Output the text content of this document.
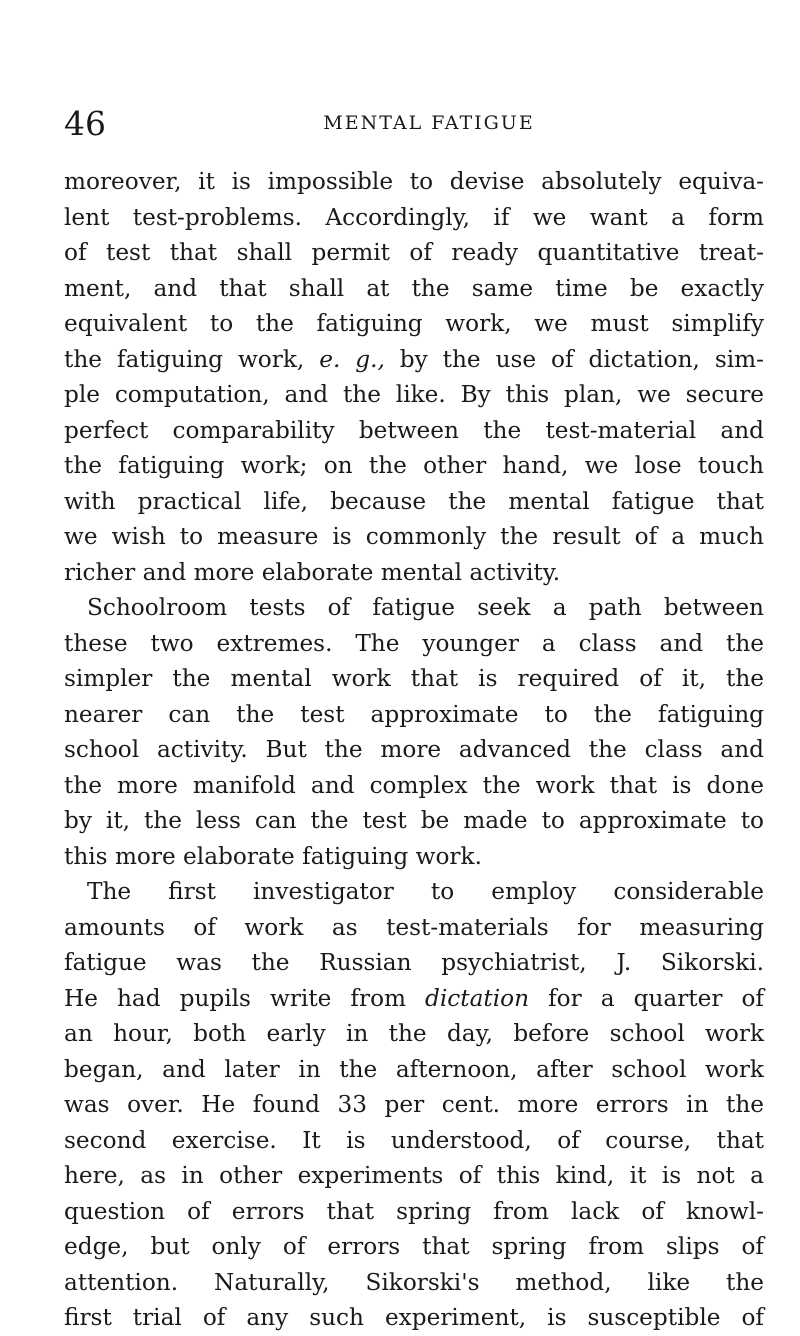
46	MENTAL FATIGUE
moreover, it is impossible to devise absolutely equiva-
lent test-problems. Accordingly, if we want a form
of test that shall permit of ready quantitative treat-
ment, and that shall at the same time be exactly
equivalent to the fatiguing work, we must simplify
the fatiguing work, e. g., by the use of dictation, sim-
ple computation, and the like. By this plan, we secure
perfect comparability between the test-material and
the fatiguing work; on the other hand, we lose touch
with practical life, because the mental fatigue that
we wish to measure is commonly the result of a much
richer and more elaborate mental activity.
Schoolroom tests of fatigue seek a path between
these two extremes. The younger a class and the
simpler the mental work that is required of it, the
nearer can the test approximate to the fatiguing
school activity. But the more advanced the class and
the more manifold and complex the work that is done
by it, the less can the test be made to approximate to
this more elaborate fatiguing work.
The first investigator to employ considerable
amounts of work as test-materials for measuring
fatigue was the Russian psychiatrist, J. Sikorski.
He had pupils write from dictation for a quarter of
an hour, both early in the day, before school work
began, and later in the afternoon, after school work
was over. He found 33 per cent. more errors in the
second exercise. It is understood, of course, that
here, as in other experiments of this kind, it is not a
question of errors that spring from lack of knowl-
edge, but only of errors that spring from slips of
attention. Naturally, Sikorski's method, like the
first trial of any such experiment, is susceptible of
